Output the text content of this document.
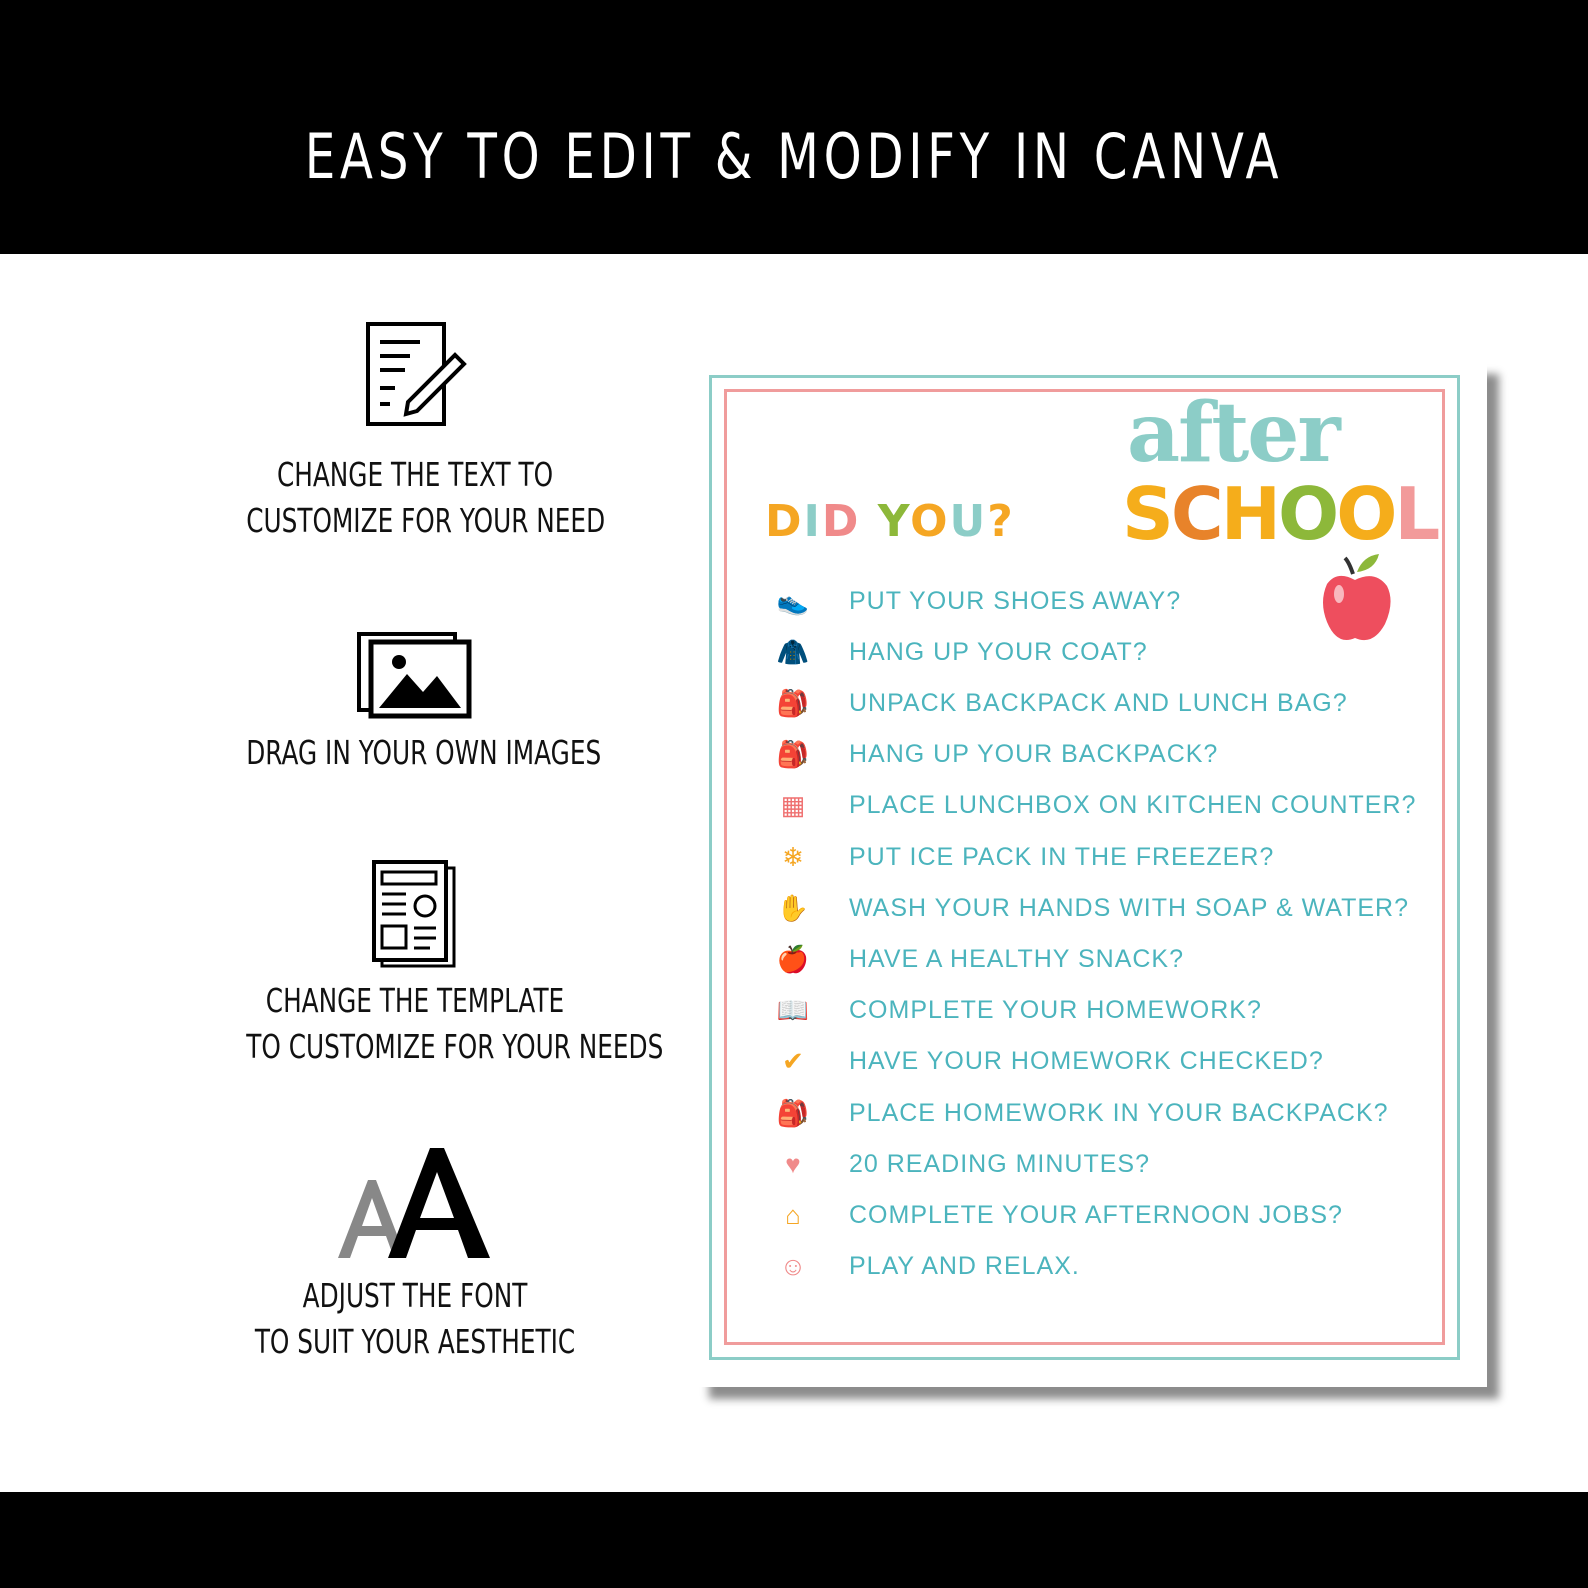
EASY TO EDIT & MODIFY IN CANVA
CHANGE THE TEXT TO
CUSTOMIZE FOR YOUR NEED
DRAG IN YOUR OWN IMAGES
CHANGE THE TEMPLATE
TO CUSTOMIZE FOR YOUR NEEDS
ADJUST THE FONT
TO SUIT YOUR AESTHETIC
DID YOU?
after
SCHOOL
👟	PUT YOUR SHOES AWAY?
🧥	HANG UP YOUR COAT?
🎒	UNPACK BACKPACK AND LUNCH BAG?
🎒	HANG UP YOUR BACKPACK?
▦	PLACE LUNCHBOX ON KITCHEN COUNTER?
❄	PUT ICE PACK IN THE FREEZER?
✋	WASH YOUR HANDS WITH SOAP & WATER?
🍎	HAVE A HEALTHY SNACK?
📖	COMPLETE YOUR HOMEWORK?
✔	HAVE YOUR HOMEWORK CHECKED?
🎒	PLACE HOMEWORK IN YOUR BACKPACK?
♥	20 READING MINUTES?
⌂	COMPLETE YOUR AFTERNOON JOBS?
☺	PLAY AND RELAX.
